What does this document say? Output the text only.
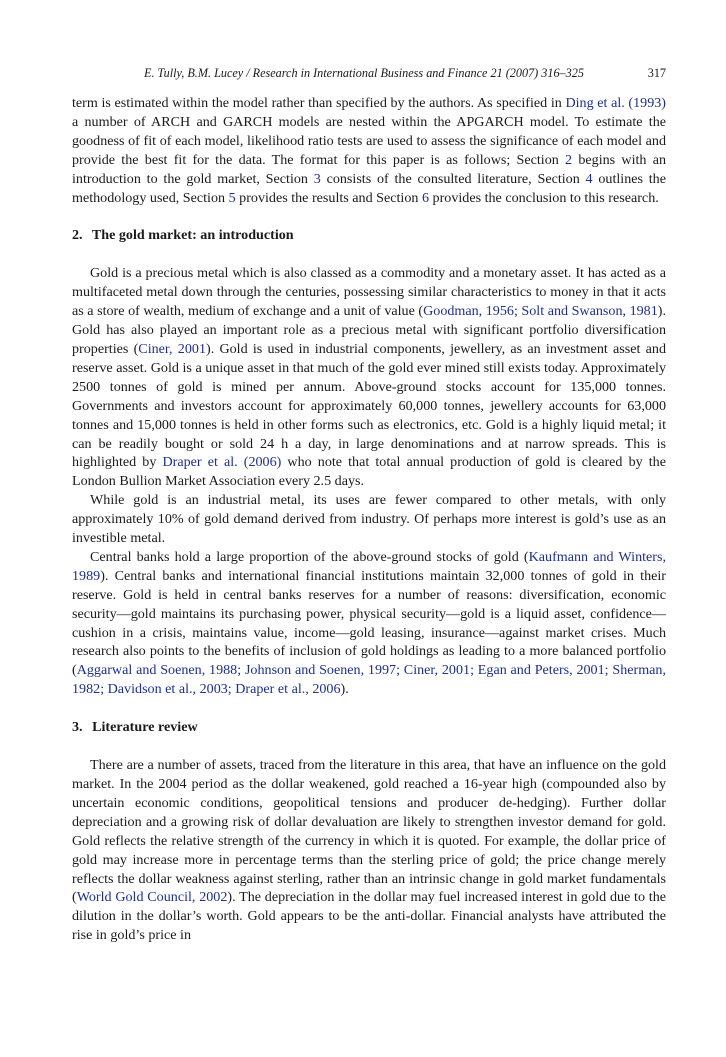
E. Tully, B.M. Lucey / Research in International Business and Finance 21 (2007) 316–325	317

term is estimated within the model rather than specified by the authors. As specified in Ding et al. (1993) a number of ARCH and GARCH models are nested within the APGARCH model. To estimate the goodness of fit of each model, likelihood ratio tests are used to assess the significance of each model and provide the best fit for the data. The format for this paper is as follows; Section 2 begins with an introduction to the gold market, Section 3 consists of the consulted literature, Section 4 outlines the methodology used, Section 5 provides the results and Section 6 provides the conclusion to this research.

2. The gold market: an introduction

Gold is a precious metal which is also classed as a commodity and a monetary asset. It has acted as a multifaceted metal down through the centuries, possessing similar characteristics to money in that it acts as a store of wealth, medium of exchange and a unit of value (Goodman, 1956; Solt and Swanson, 1981). Gold has also played an important role as a precious metal with significant portfolio diversification properties (Ciner, 2001). Gold is used in industrial components, jewellery, as an investment asset and reserve asset. Gold is a unique asset in that much of the gold ever mined still exists today. Approximately 2500 tonnes of gold is mined per annum. Above-ground stocks account for 135,000 tonnes. Governments and investors account for approximately 60,000 tonnes, jewellery accounts for 63,000 tonnes and 15,000 tonnes is held in other forms such as electronics, etc. Gold is a highly liquid metal; it can be readily bought or sold 24 h a day, in large denominations and at narrow spreads. This is highlighted by Draper et al. (2006) who note that total annual production of gold is cleared by the London Bullion Market Association every 2.5 days.

While gold is an industrial metal, its uses are fewer compared to other metals, with only approximately 10% of gold demand derived from industry. Of perhaps more interest is gold’s use as an investible metal.

Central banks hold a large proportion of the above-ground stocks of gold (Kaufmann and Winters, 1989). Central banks and international financial institutions maintain 32,000 tonnes of gold in their reserve. Gold is held in central banks reserves for a number of reasons: diversification, economic security—gold maintains its purchasing power, physical security—gold is a liquid asset, confidence—cushion in a crisis, maintains value, income—gold leasing, insurance—against market crises. Much research also points to the benefits of inclusion of gold holdings as leading to a more balanced portfolio (Aggarwal and Soenen, 1988; Johnson and Soenen, 1997; Ciner, 2001; Egan and Peters, 2001; Sherman, 1982; Davidson et al., 2003; Draper et al., 2006).

3. Literature review

There are a number of assets, traced from the literature in this area, that have an influence on the gold market. In the 2004 period as the dollar weakened, gold reached a 16-year high (compounded also by uncertain economic conditions, geopolitical tensions and producer de-hedging). Further dollar depreciation and a growing risk of dollar devaluation are likely to strengthen investor demand for gold. Gold reflects the relative strength of the currency in which it is quoted. For example, the dollar price of gold may increase more in percentage terms than the sterling price of gold; the price change merely reflects the dollar weakness against sterling, rather than an intrinsic change in gold market fundamentals (World Gold Council, 2002). The depreciation in the dollar may fuel increased interest in gold due to the dilution in the dollar’s worth. Gold appears to be the anti-dollar. Financial analysts have attributed the rise in gold’s price in
